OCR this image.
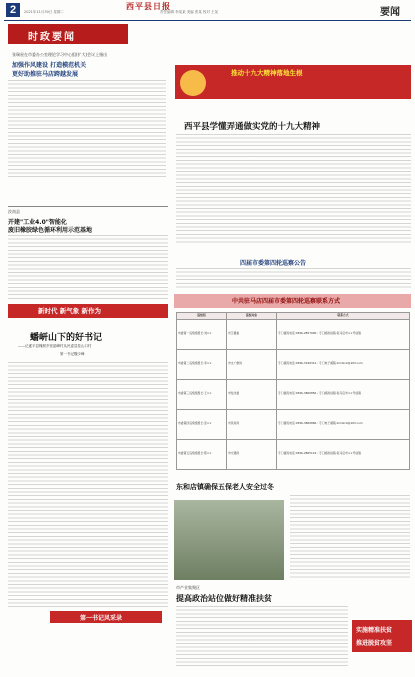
2	西平县日报
2021年11月30日 星期二	责任编辑 李某某 美编 张某 校对 王某	要闻
时政要闻
张瑞星在市委办公室理论学习中心组(扩大)会议上指出
加强作风建设 打造模范机关
更好助推驻马店跨越发展	推动十九大精神落地生根
西平县学懂弄通做实党的十九大精神
汝南县
开建"工业4.0"智能化
废旧橡胶绿色循环利用示范基地
新时代 新气象 新作为
蟠岍山下的好书记
——记遂平县槐树乡张韶峰村从民委县挂山口村
第一书记魏少峰
四届市委第四轮巡察公告
中共驻马店四届市委第四轮巡察联系方式
巡察组	巡察对象	联系方式
市委第一巡察组组长:刘××	市卫健委	专门值班电话:0396-2857090 ; 专门邮政信箱:驻马店市××号信箱
市委第二巡察组组长:李××	市文广旅局	专门值班电话:0396-3196312 ; 专门电子邮箱:zmdxc2@163.com
市委第三巡察组组长:王××	市发改委	专门值班电话:0396-3860856 ; 专门邮政信箱:驻马店市××号信箱
市委第四巡察组组长:张××	市民政局	专门值班电话:0396-3860866 ; 专门电子邮箱:zmdxc4@163.com
市委第五巡察组组长:陈××	市交通局	专门值班电话:0396-2865119 ; 专门邮政信箱:驻马店市××号信箱
东和店镇确保五保老人安全过冬
市产业集聚区
提高政治站位做好精准扶贫
实施精准扶贫
推进脱贫攻坚
第一书记风采录
